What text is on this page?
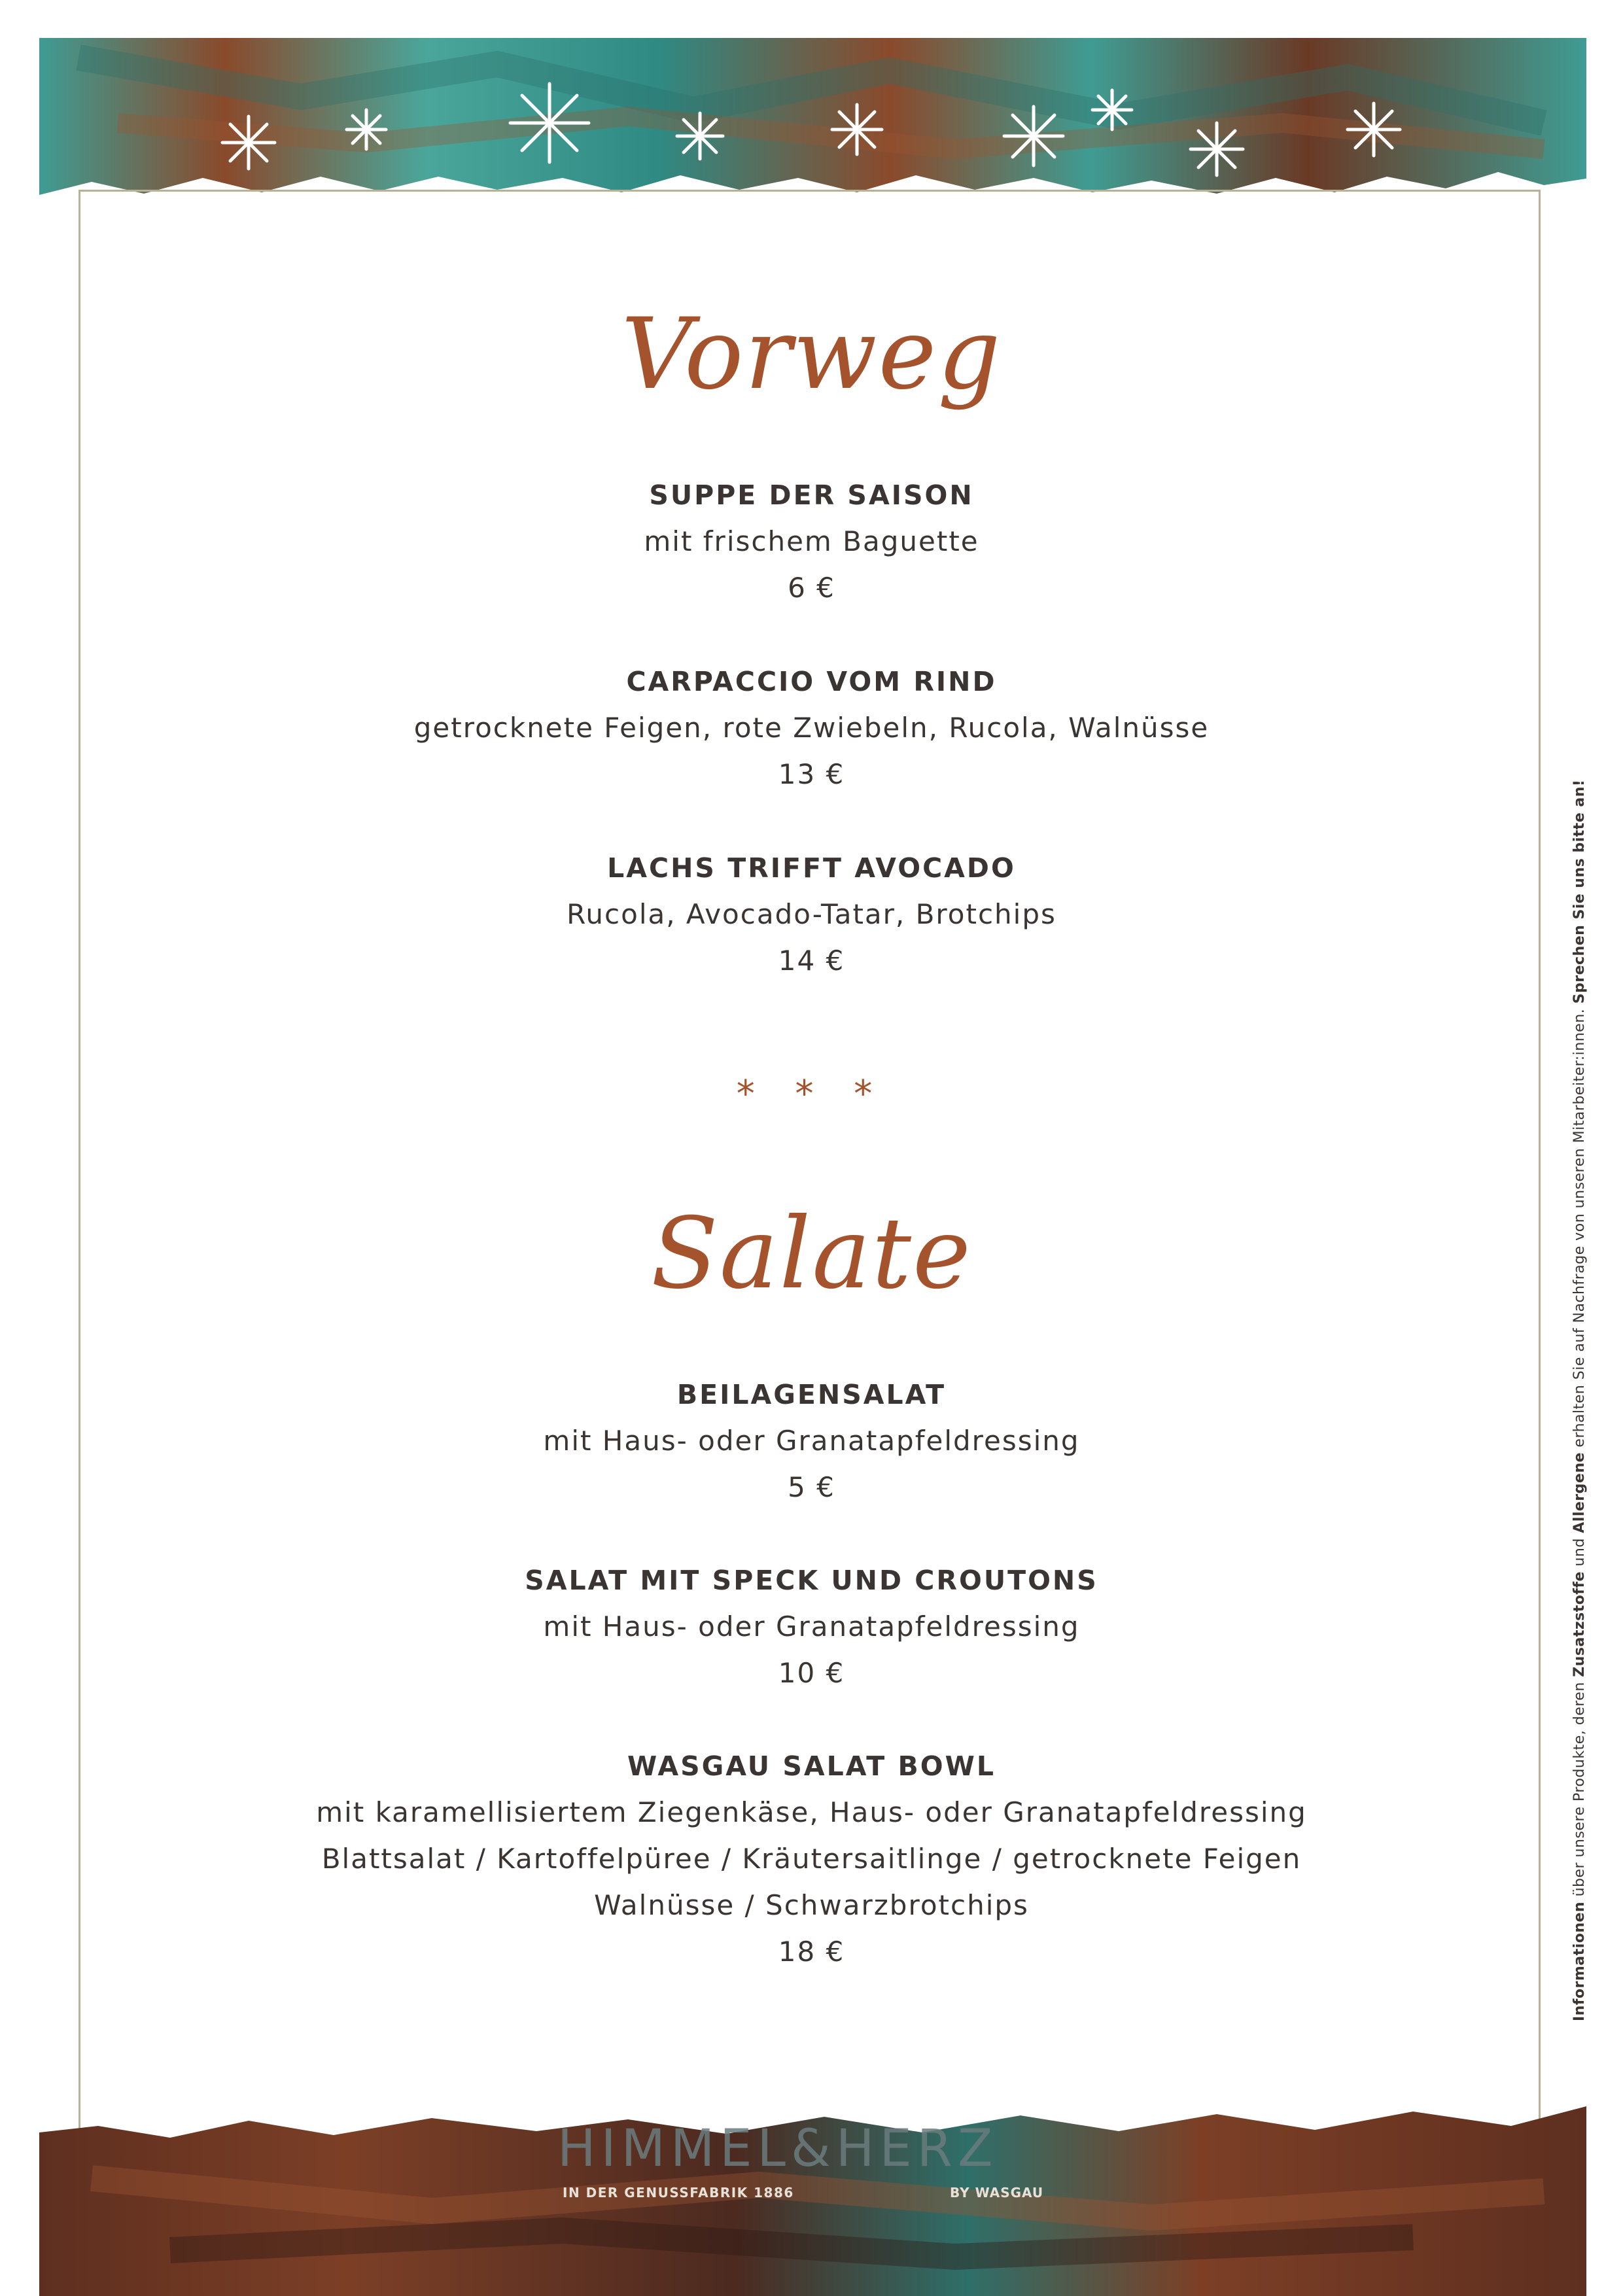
Vorweg
SUPPE DER SAISON
mit frischem Baguette
6 €
CARPACCIO VOM RIND
getrocknete Feigen, rote Zwiebeln, Rucola, Walnüsse
13 €
LACHS TRIFFT AVOCADO
Rucola, Avocado-Tatar, Brotchips
14 €
* * *
Salate
BEILAGENSALAT
mit Haus- oder Granatapfeldressing
5 €
SALAT MIT SPECK UND CROUTONS
mit Haus- oder Granatapfeldressing
10 €
WASGAU SALAT BOWL
mit karamellisiertem Ziegenkäse, Haus- oder Granatapfeldressing
Blattsalat / Kartoffelpüree / Kräutersaitlinge / getrocknete Feigen
Walnüsse / Schwarzbrotchips
18 €	Informationen über unsere Produkte, deren Zusatzstoffe und Allergene erhalten Sie auf Nachfrage von unseren Mitarbeiter:innen. Sprechen Sie uns bitte an!
HIMMEL&HERZ
IN DER GENUSSFABRIK 1886	BY WASGAU
